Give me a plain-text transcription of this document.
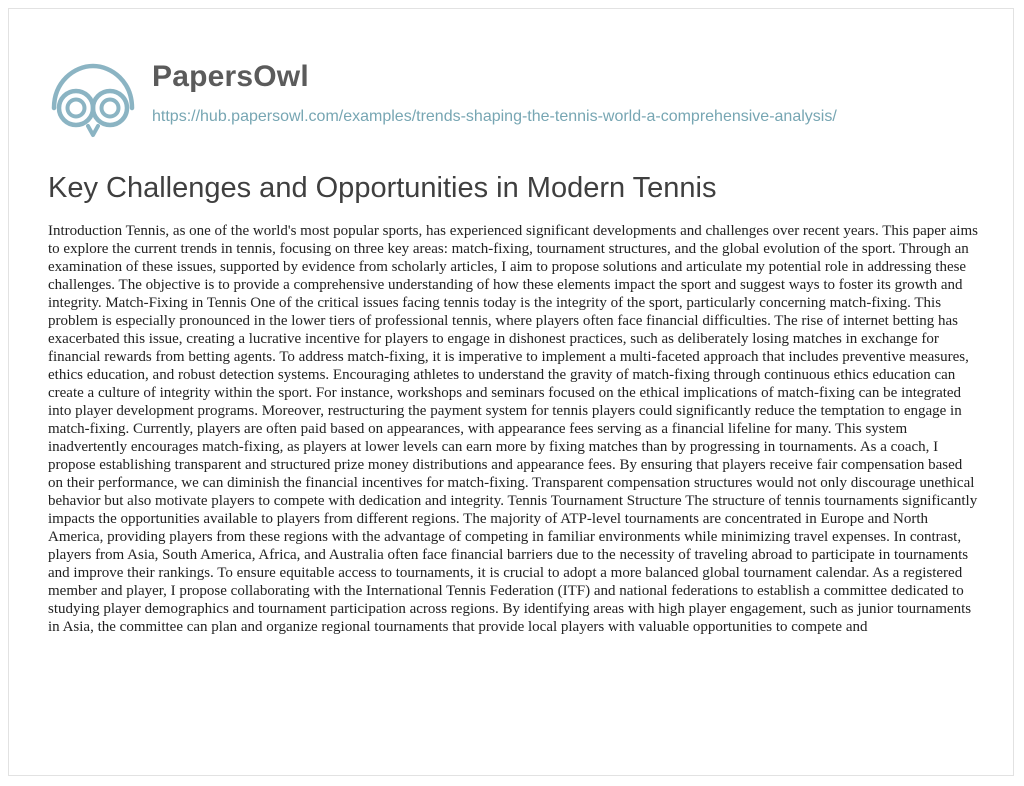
PapersOwl
https://hub.papersowl.com/examples/trends-shaping-the-tennis-world-a-comprehensive-analysis/
Key Challenges and Opportunities in Modern Tennis

Introduction Tennis, as one of the world's most popular sports, has experienced significant developments and challenges over recent years. This paper aims to explore the current trends in tennis, focusing on three key areas: match-fixing, tournament structures, and the global evolution of the sport. Through an examination of these issues, supported by evidence from scholarly articles, I aim to propose solutions and articulate my potential role in addressing these challenges. The objective is to provide a comprehensive understanding of how these elements impact the sport and suggest ways to foster its growth and integrity. Match-Fixing in Tennis One of the critical issues facing tennis today is the integrity of the sport, particularly concerning match-fixing. This problem is especially pronounced in the lower tiers of professional tennis, where players often face financial difficulties. The rise of internet betting has exacerbated this issue, creating a lucrative incentive for players to engage in dishonest practices, such as deliberately losing matches in exchange for financial rewards from betting agents. To address match-fixing, it is imperative to implement a multi-faceted approach that includes preventive measures, ethics education, and robust detection systems. Encouraging athletes to understand the gravity of match-fixing through continuous ethics education can create a culture of integrity within the sport. For instance, workshops and seminars focused on the ethical implications of match-fixing can be integrated into player development programs. Moreover, restructuring the payment system for tennis players could significantly reduce the temptation to engage in match-fixing. Currently, players are often paid based on appearances, with appearance fees serving as a financial lifeline for many. This system inadvertently encourages match-fixing, as players at lower levels can earn more by fixing matches than by progressing in tournaments. As a coach, I propose establishing transparent and structured prize money distributions and appearance fees. By ensuring that players receive fair compensation based on their performance, we can diminish the financial incentives for match-fixing. Transparent compensation structures would not only discourage unethical behavior but also motivate players to compete with dedication and integrity. Tennis Tournament Structure The structure of tennis tournaments significantly impacts the opportunities available to players from different regions. The majority of ATP-level tournaments are concentrated in Europe and North America, providing players from these regions with the advantage of competing in familiar environments while minimizing travel expenses. In contrast, players from Asia, South America, Africa, and Australia often face financial barriers due to the necessity of traveling abroad to participate in tournaments and improve their rankings. To ensure equitable access to tournaments, it is crucial to adopt a more balanced global tournament calendar. As a registered member and player, I propose collaborating with the International Tennis Federation (ITF) and national federations to establish a committee dedicated to studying player demographics and tournament participation across regions. By identifying areas with high player engagement, such as junior tournaments in Asia, the committee can plan and organize regional tournaments that provide local players with valuable opportunities to compete and
